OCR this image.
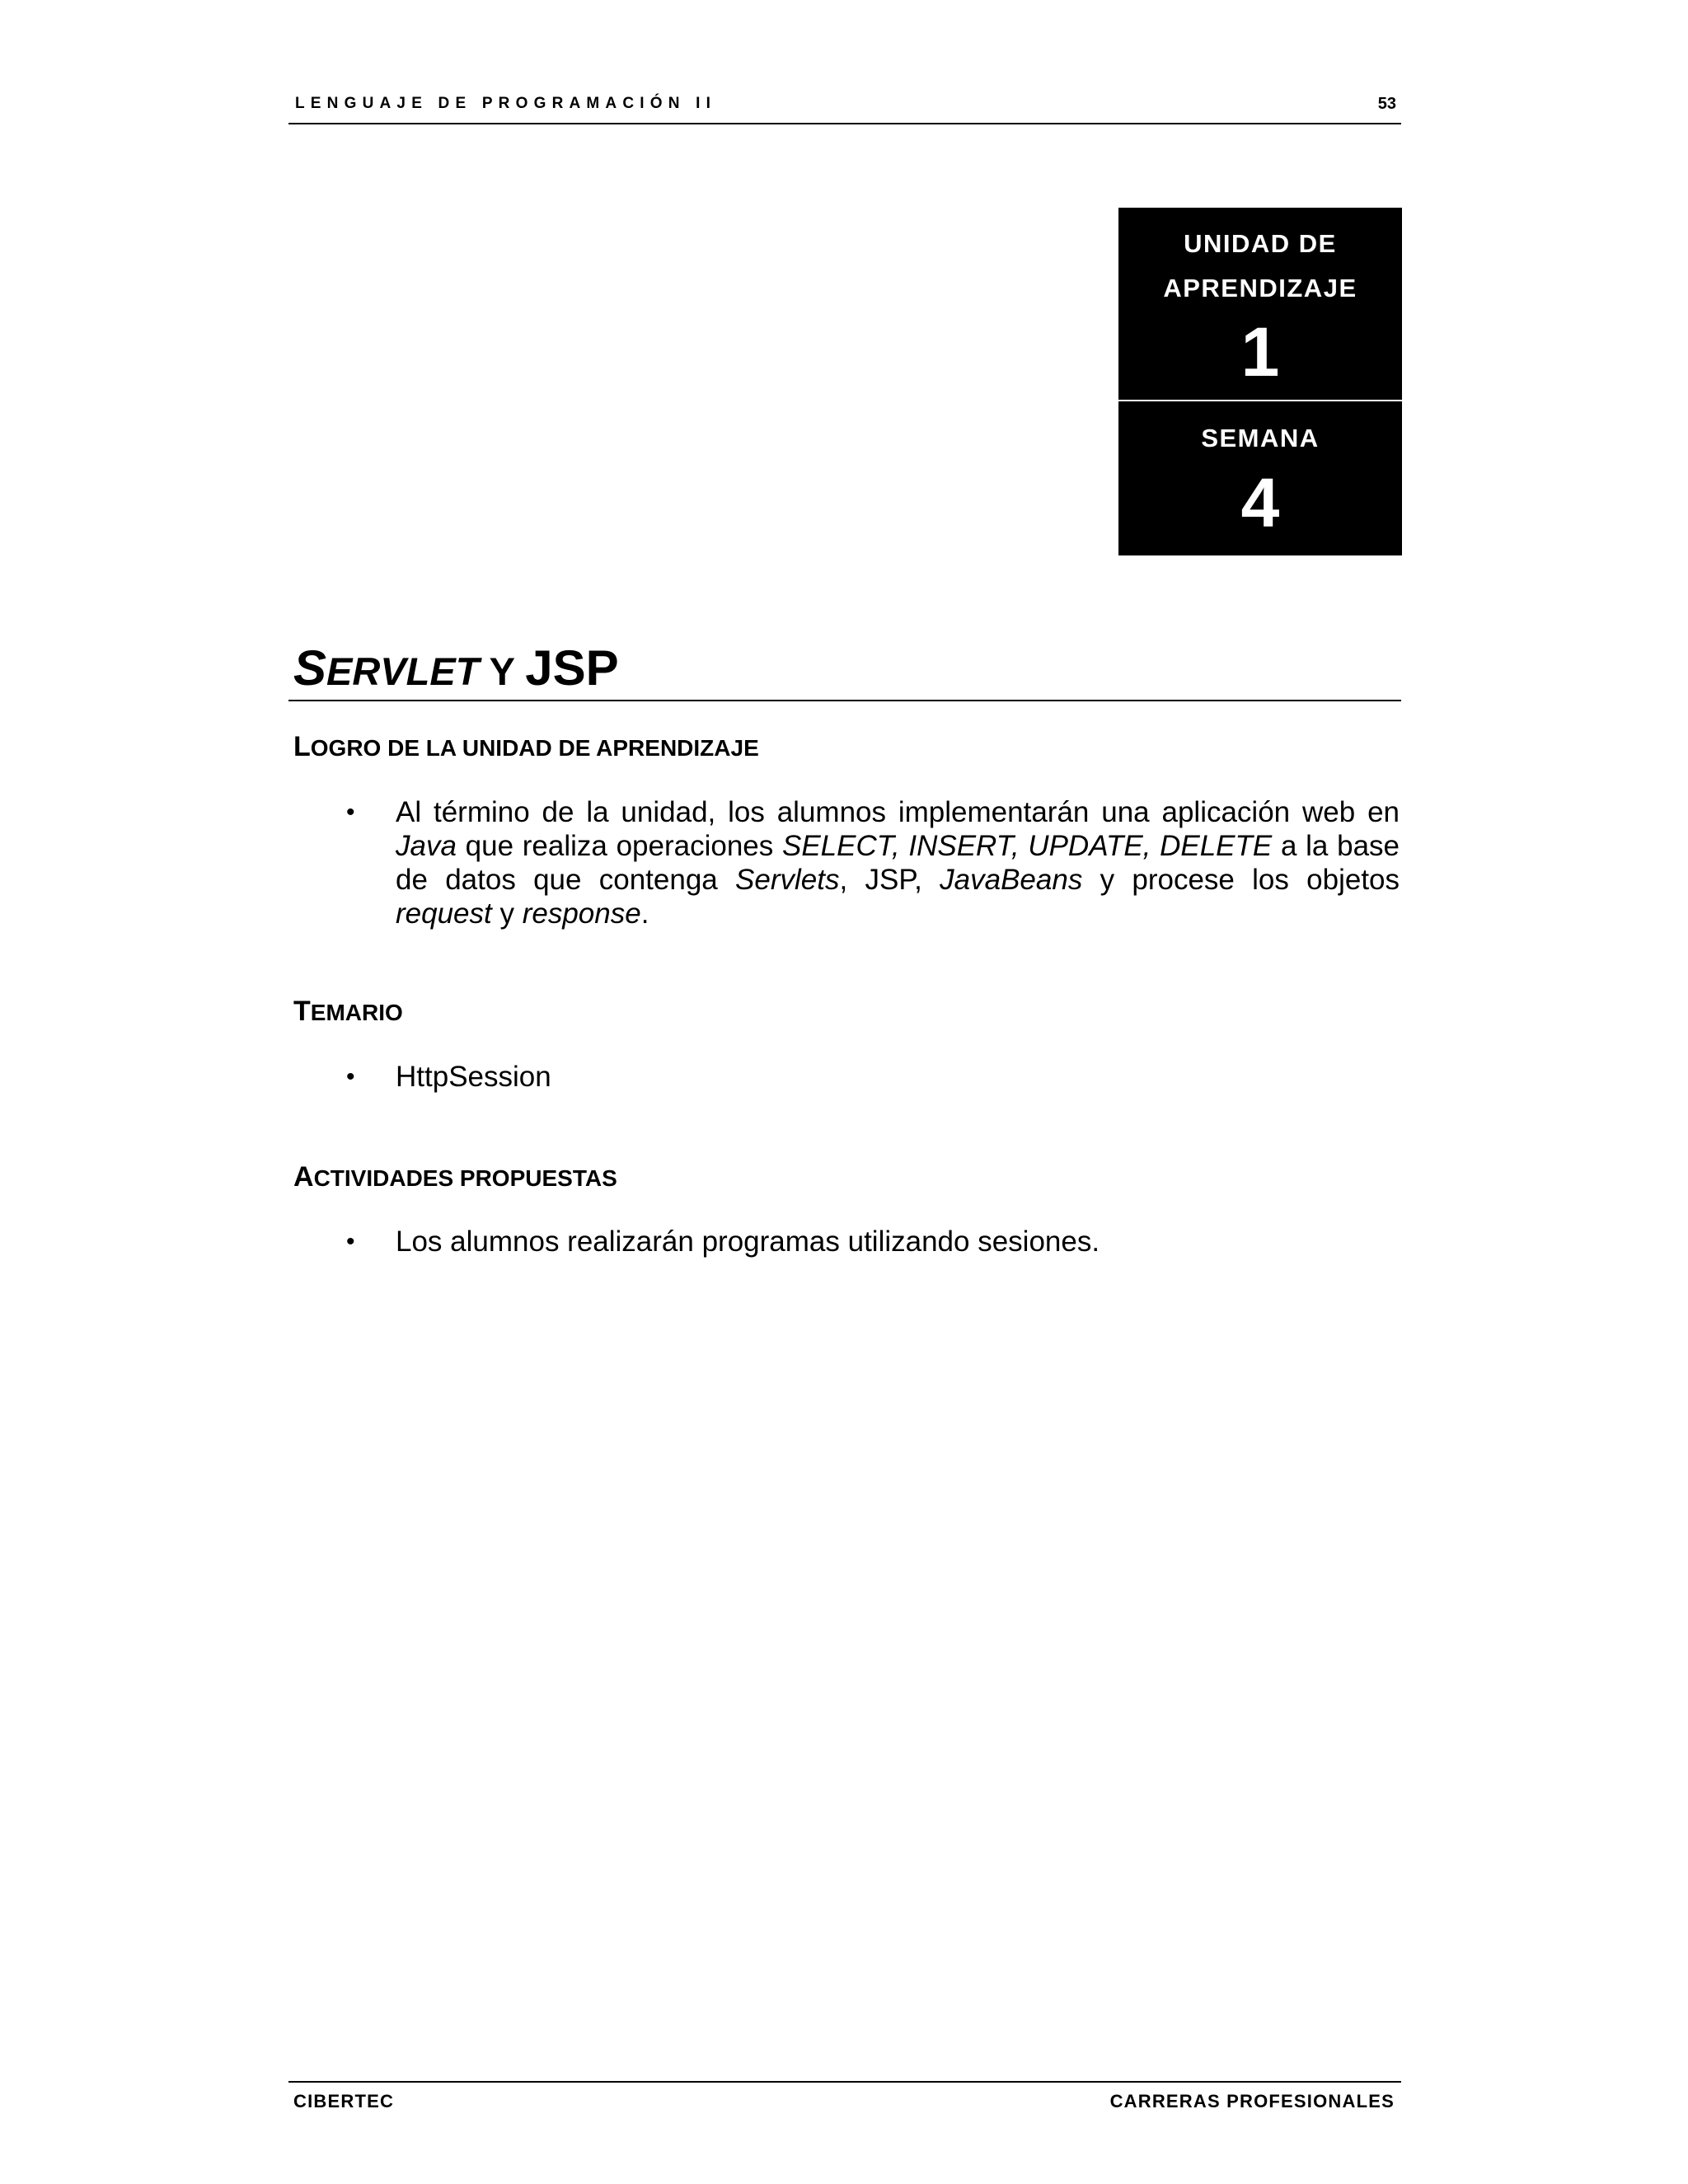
LENGUAJE DE PROGRAMACIÓN II	53
UNIDAD DE
APRENDIZAJE
1
SEMANA
4
SERVLET Y JSP
LOGRO DE LA UNIDAD DE APRENDIZAJE
•	Al término de la unidad, los alumnos implementarán una aplicación web en
Java que realiza operaciones SELECT, INSERT, UPDATE, DELETE a la base
de datos que contenga Servlets, JSP, JavaBeans y procese los objetos
request y response.
TEMARIO
•	HttpSession
ACTIVIDADES PROPUESTAS
•	Los alumnos realizarán programas utilizando sesiones.
CIBERTEC	CARRERAS PROFESIONALES
